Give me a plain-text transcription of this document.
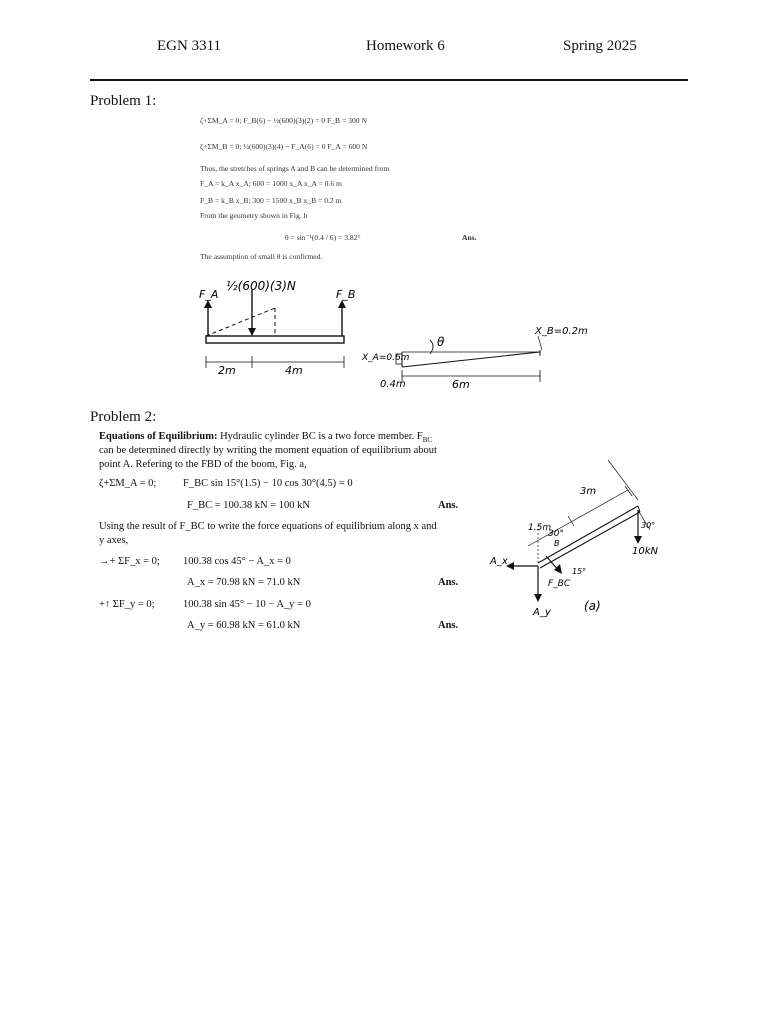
EGN 3311	Homework 6	Spring 2025
Problem 1:
ζ+ΣM_A = 0; F_B(6) − ½(600)(3)(2) = 0 F_B = 300 N
ζ+ΣM_B = 0; ½(600)(3)(4) − F_A(6) = 0 F_A = 600 N
Thus, the stretches of springs A and B can be determined from
F_A = k_A x_A; 600 = 1000 x_A x_A = 0.6 m
F_B = k_B x_B; 300 = 1500 x_B x_B = 0.2 m
From the geometry shown in Fig. b
θ = sin⁻¹(0.4 / 6) = 3.82°	Ans.
The assumption of small θ is confirmed.
½(600)(3)N
F_A	F_B
2m	4m
θ
X_A=0.6m
X_B=0.2m
0.4m	6m
Problem 2:
Equations of Equilibrium: Hydraulic cylinder BC is a two force member. $F_{BC}$
can be determined directly by writing the moment equation of equilibrium about
point A. Refering to the FBD of the boom, Fig. a,
ζ+ΣM_A = 0;	F_BC sin 15°(1.5) − 10 cos 30°(4.5) = 0
F_BC = 100.38 kN = 100 kN	Ans.
Using the result of F_BC to write the force equations of equilibrium along x and
y axes,
→+ ΣF_x = 0; 100.38 cos 45° − A_x = 0
A_x = 70.98 kN = 71.0 kN	Ans.
+↑ ΣF_y = 0;	100.38 sin 45° − 10 − A_y = 0
A_y = 60.98 kN = 61.0 kN	Ans.
3m
1.5m
30°
B
30°
10kN
A_x
A_y
F_BC
15°
(a)
